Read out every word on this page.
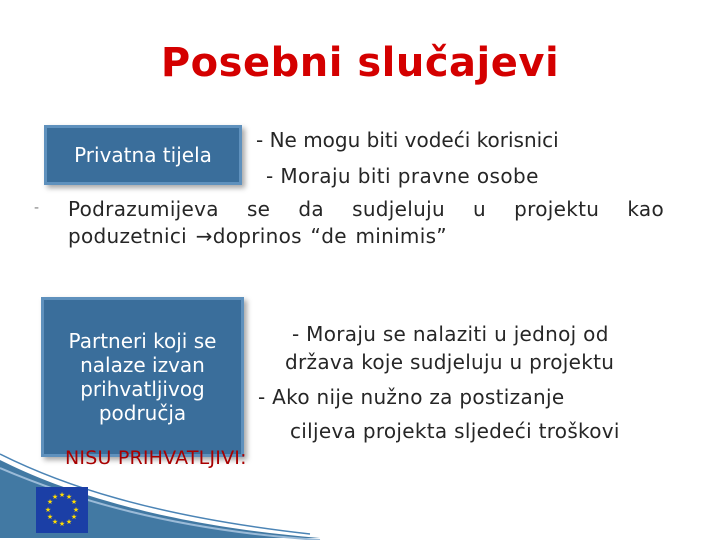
Posebni slučajevi
Privatna tijela
- Ne mogu biti vodeći korisnici
- Moraju biti pravne osobe
- Podrazumijeva se da sudjeluju u projektu kao
poduzetnici →doprinos “de minimis”
Partneri koji se nalaze izvan prihvatljivog područja
- Moraju se nalaziti u jednoj od
država koje sudjeluju u projektu
- Ako nije nužno za postizanje
ciljeva projekta sljedeći troškovi
NISU PRIHVATLJIVI:
★ ★
★
★
★
★
★
★
★
★
★
★
